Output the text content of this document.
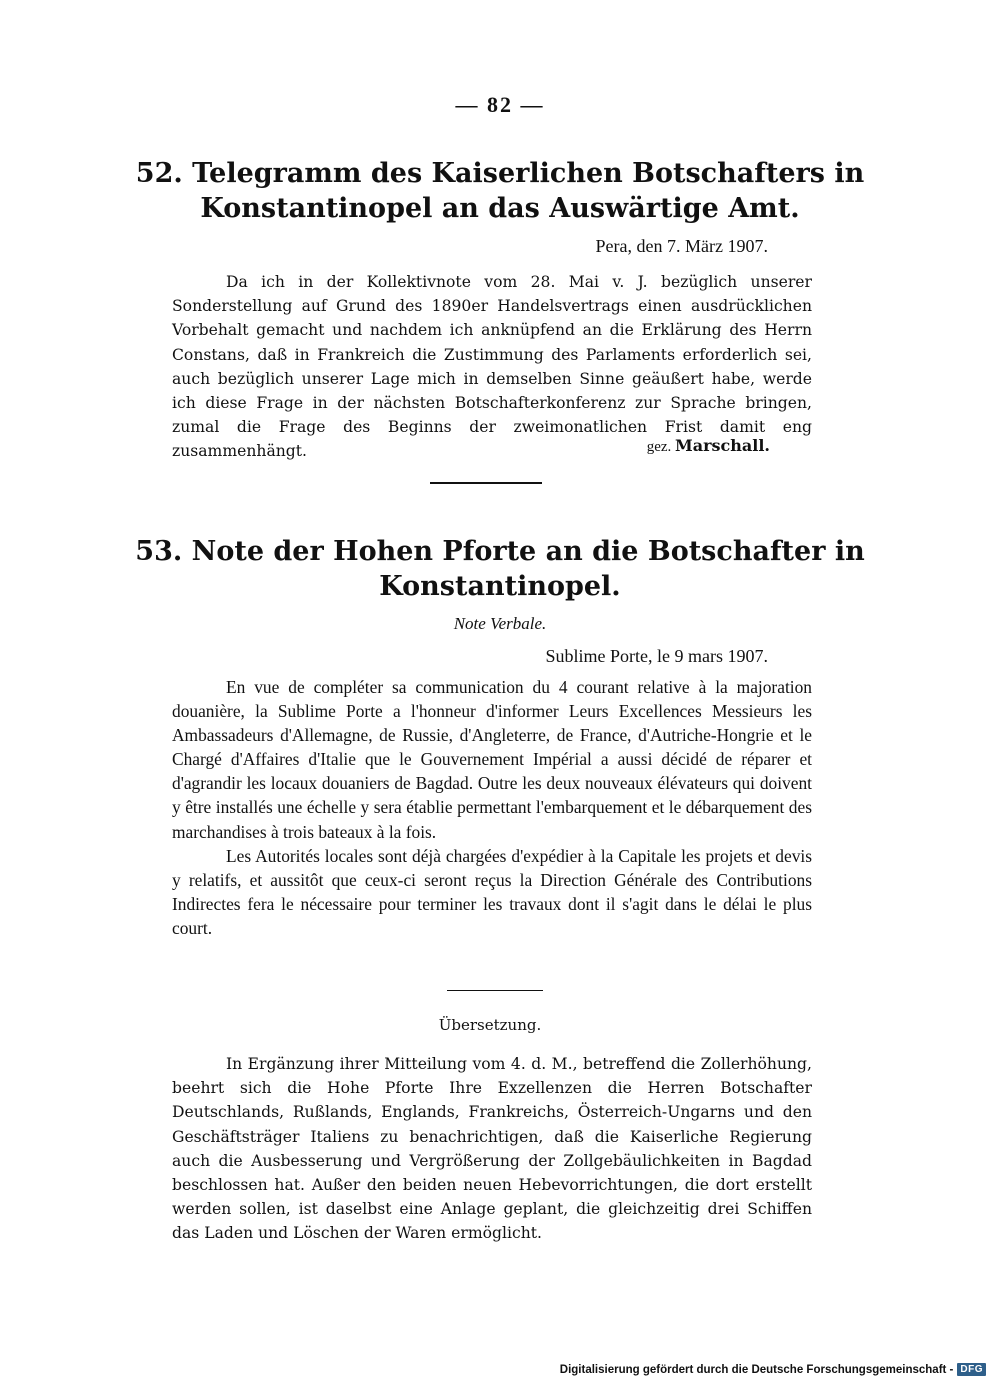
— 82 —
52. Telegramm des Kaiserlichen Botschafters in Konstantinopel an das Auswärtige Amt.
Pera, den 7. März 1907.

Da ich in der Kollektivnote vom 28. Mai v. J. bezüglich unserer Sonderstellung auf Grund des 1890er Handelsvertrags einen ausdrücklichen Vorbehalt gemacht und nachdem ich anknüpfend an die Erklärung des Herrn Constans, daß in Frankreich die Zustimmung des Parlaments erforderlich sei, auch bezüglich unserer Lage mich in demselben Sinne geäußert habe, werde ich diese Frage in der nächsten Botschafterkonferenz zur Sprache bringen, zumal die Frage des Beginns der zweimonatlichen Frist damit eng zusammenhängt.	gez. Marschall.
53. Note der Hohen Pforte an die Botschafter in Konstantinopel.
Note Verbale.
Sublime Porte, le 9 mars 1907.

En vue de compléter sa communication du 4 courant relative à la majoration douanière, la Sublime Porte a l'honneur d'informer Leurs Excellences Messieurs les Ambassadeurs d'Allemagne, de Russie, d'Angleterre, de France, d'Autriche-Hongrie et le Chargé d'Affaires d'Italie que le Gouvernement Impérial a aussi décidé de réparer et d'agrandir les locaux douaniers de Bagdad. Outre les deux nouveaux élévateurs qui doivent y être installés une échelle y sera établie permettant l'embarquement et le débarquement des marchandises à trois bateaux à la fois.

Les Autorités locales sont déjà chargées d'expédier à la Capitale les projets et devis y relatifs, et aussitôt que ceux-ci seront reçus la Direction Générale des Contributions Indirectes fera le nécessaire pour terminer les travaux dont il s'agit dans le délai le plus court.

Übersetzung.

In Ergänzung ihrer Mitteilung vom 4. d. M., betreffend die Zollerhöhung, beehrt sich die Hohe Pforte Ihre Exzellenzen die Herren Botschafter Deutschlands, Rußlands, Englands, Frankreichs, Österreich-Ungarns und den Geschäftsträger Italiens zu benachrichtigen, daß die Kaiserliche Regierung auch die Ausbesserung und Vergrößerung der Zollgebäulichkeiten in Bagdad beschlossen hat. Außer den beiden neuen Hebevorrichtungen, die dort erstellt werden sollen, ist daselbst eine Anlage geplant, die gleichzeitig drei Schiffen das Laden und Löschen der Waren ermöglicht.

Digitalisierung gefördert durch die Deutsche Forschungsgemeinschaft - DFG
